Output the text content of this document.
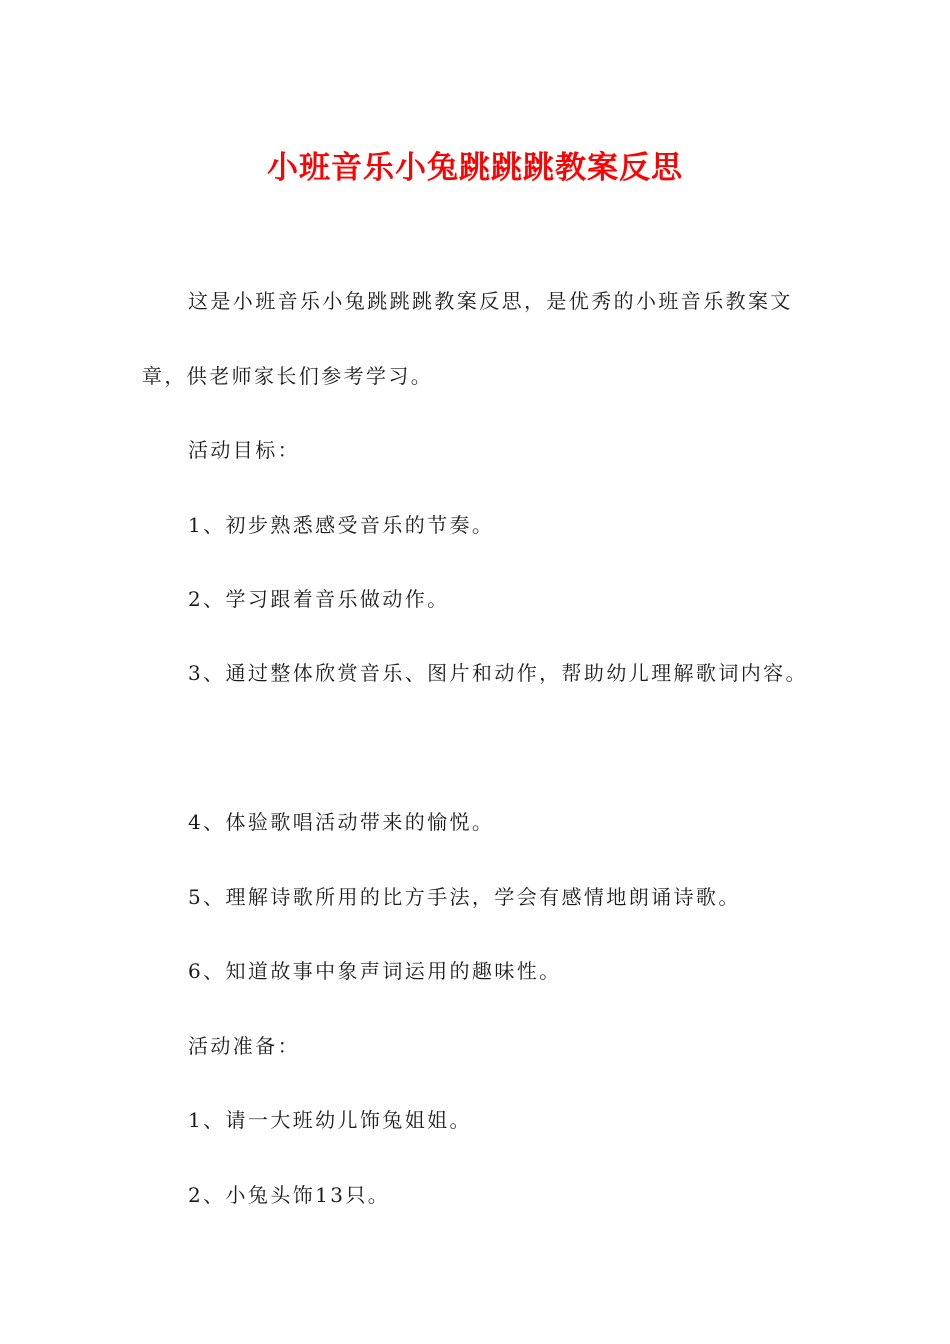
小班音乐小兔跳跳跳教案反思
这是小班音乐小兔跳跳跳教案反思，是优秀的小班音乐教案文
章，供老师家长们参考学习。
活动目标：
1、初步熟悉感受音乐的节奏。
2、学习跟着音乐做动作。
3、通过整体欣赏音乐、图片和动作，帮助幼儿理解歌词内容。
4、体验歌唱活动带来的愉悦。
5、理解诗歌所用的比方手法，学会有感情地朗诵诗歌。
6、知道故事中象声词运用的趣味性。
活动准备：
1、请一大班幼儿饰兔姐姐。
2、小兔头饰13只。
